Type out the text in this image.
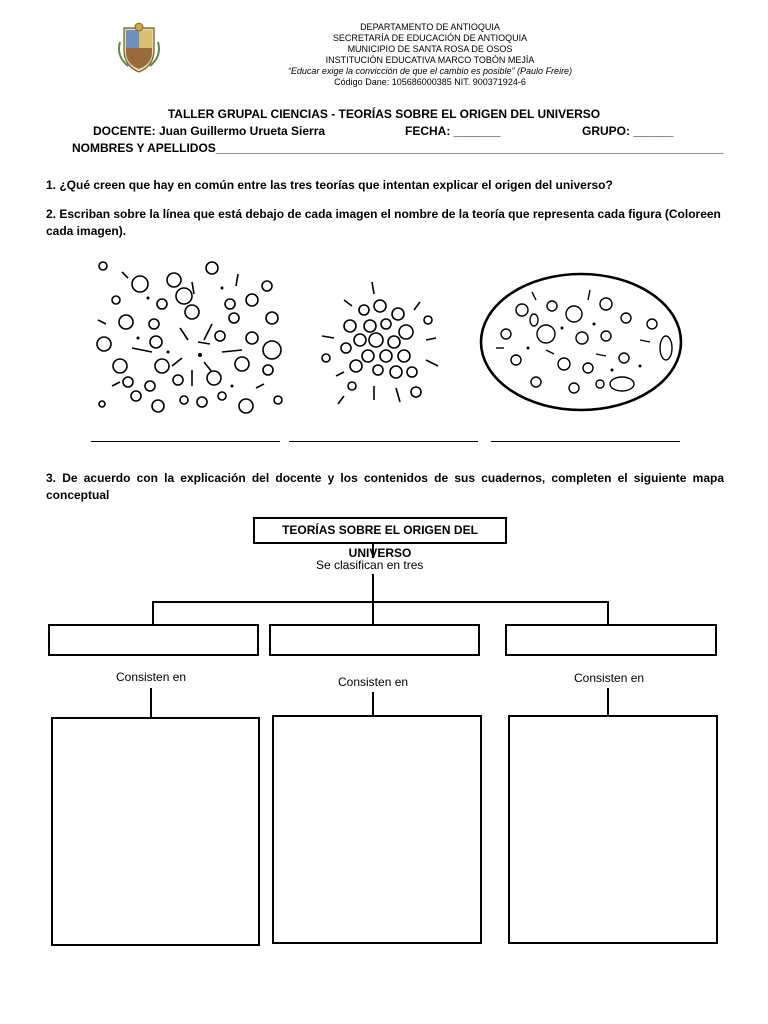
DEPARTAMENTO DE ANTIOQUIA
SECRETARÍA DE EDUCACIÓN DE ANTIOQUIA
MUNICIPIO DE SANTA ROSA DE OSOS
INSTITUCIÓN EDUCATIVA MARCO TOBÓN MEJÍA
“Educar exige la convicción de que el cambio es posible” (Paulo Freire)
Código Dane: 105686000385 NIT. 900371924-6
TALLER GRUPAL CIENCIAS - TEORÍAS SOBRE EL ORIGEN DEL UNIVERSO
DOCENTE: Juan Guillermo Urueta Sierra	FECHA: _______	GRUPO: ______
NOMBRES Y APELLIDOS____________________________________________________________________________
1. ¿Qué creen que hay en común entre las tres teorías que intentan explicar el origen del universo?
2. Escriban sobre la línea que está debajo de cada imagen el nombre de la teoría que representa cada figura (Coloreen cada imagen).
3. De acuerdo con la explicación del docente y los contenidos de sus cuadernos, completen el siguiente mapa conceptual
TEORÍAS SOBRE EL ORIGEN DEL UNIVERSO
Se clasifican en tres
Consisten en	Consisten en	Consisten en
